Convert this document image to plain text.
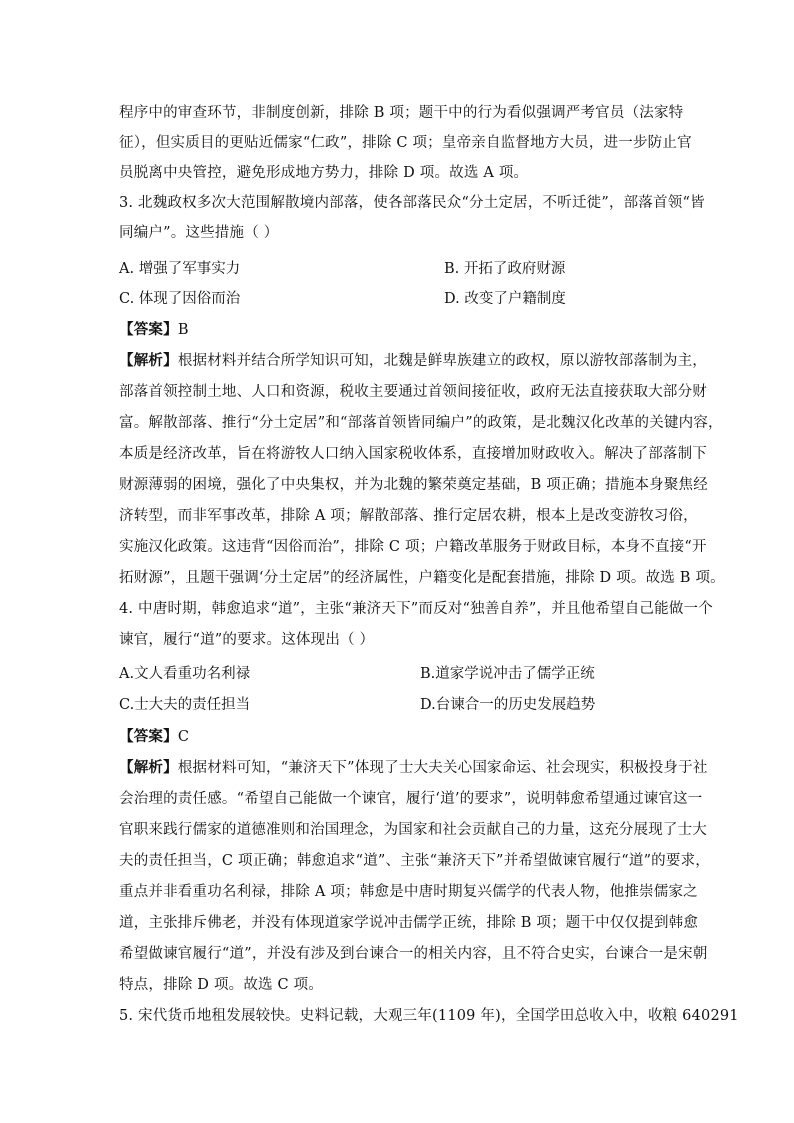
程序中的审查环节，非制度创新，排除 B 项；题干中的行为看似强调严考官员（法家特
征），但实质目的更贴近儒家“仁政”，排除 C 项；皇帝亲自监督地方大员，进一步防止官
员脱离中央管控，避免形成地方势力，排除 D 项。故选 A 项。
3. 北魏政权多次大范围解散境内部落，使各部落民众“分土定居，不听迁徙”，部落首领“皆
同编户”。这些措施（ ）
A. 增强了军事实力	B. 开拓了政府财源
C. 体现了因俗而治	D. 改变了户籍制度
【答案】B
【解析】根据材料并结合所学知识可知，北魏是鲜卑族建立的政权，原以游牧部落制为主，
部落首领控制土地、人口和资源，税收主要通过首领间接征收，政府无法直接获取大部分财
富。解散部落、推行“分土定居”和“部落首领皆同编户”的政策，是北魏汉化改革的关键内容，
本质是经济改革，旨在将游牧人口纳入国家税收体系，直接增加财政收入。解决了部落制下
财源薄弱的困境，强化了中央集权，并为北魏的繁荣奠定基础，B 项正确；措施本身聚焦经
济转型，而非军事改革，排除 A 项；解散部落、推行定居农耕，根本上是改变游牧习俗，
实施汉化政策。这违背“因俗而治”，排除 C 项；户籍改革服务于财政目标，本身不直接“开
拓财源”，且题干强调‘分土定居”的经济属性，户籍变化是配套措施，排除 D 项。故选 B 项。
4. 中唐时期，韩愈追求“道”，主张“兼济天下”而反对“独善自养”，并且他希望自己能做一个
谏官，履行“道”的要求。这体现出（ ）
A.文人看重功名利禄	B.道家学说冲击了儒学正统
C.士大夫的责任担当	D.台谏合一的历史发展趋势
【答案】C
【解析】根据材料可知，“兼济天下”体现了士大夫关心国家命运、社会现实，积极投身于社
会治理的责任感。“希望自己能做一个谏官，履行‘道’的要求”，说明韩愈希望通过谏官这一
官职来践行儒家的道德准则和治国理念，为国家和社会贡献自己的力量，这充分展现了士大
夫的责任担当，C 项正确；韩愈追求“道”、主张“兼济天下”并希望做谏官履行“道”的要求，
重点并非看重功名利禄，排除 A 项；韩愈是中唐时期复兴儒学的代表人物，他推崇儒家之
道，主张排斥佛老，并没有体现道家学说冲击儒学正统，排除 B 项；题干中仅仅提到韩愈
希望做谏官履行“道”，并没有涉及到台谏合一的相关内容，且不符合史实，台谏合一是宋朝
特点，排除 D 项。故选 C 项。
5. 宋代货币地租发展较快。史料记载，大观三年(1109 年)，全国学田总收入中，收粮 640291
